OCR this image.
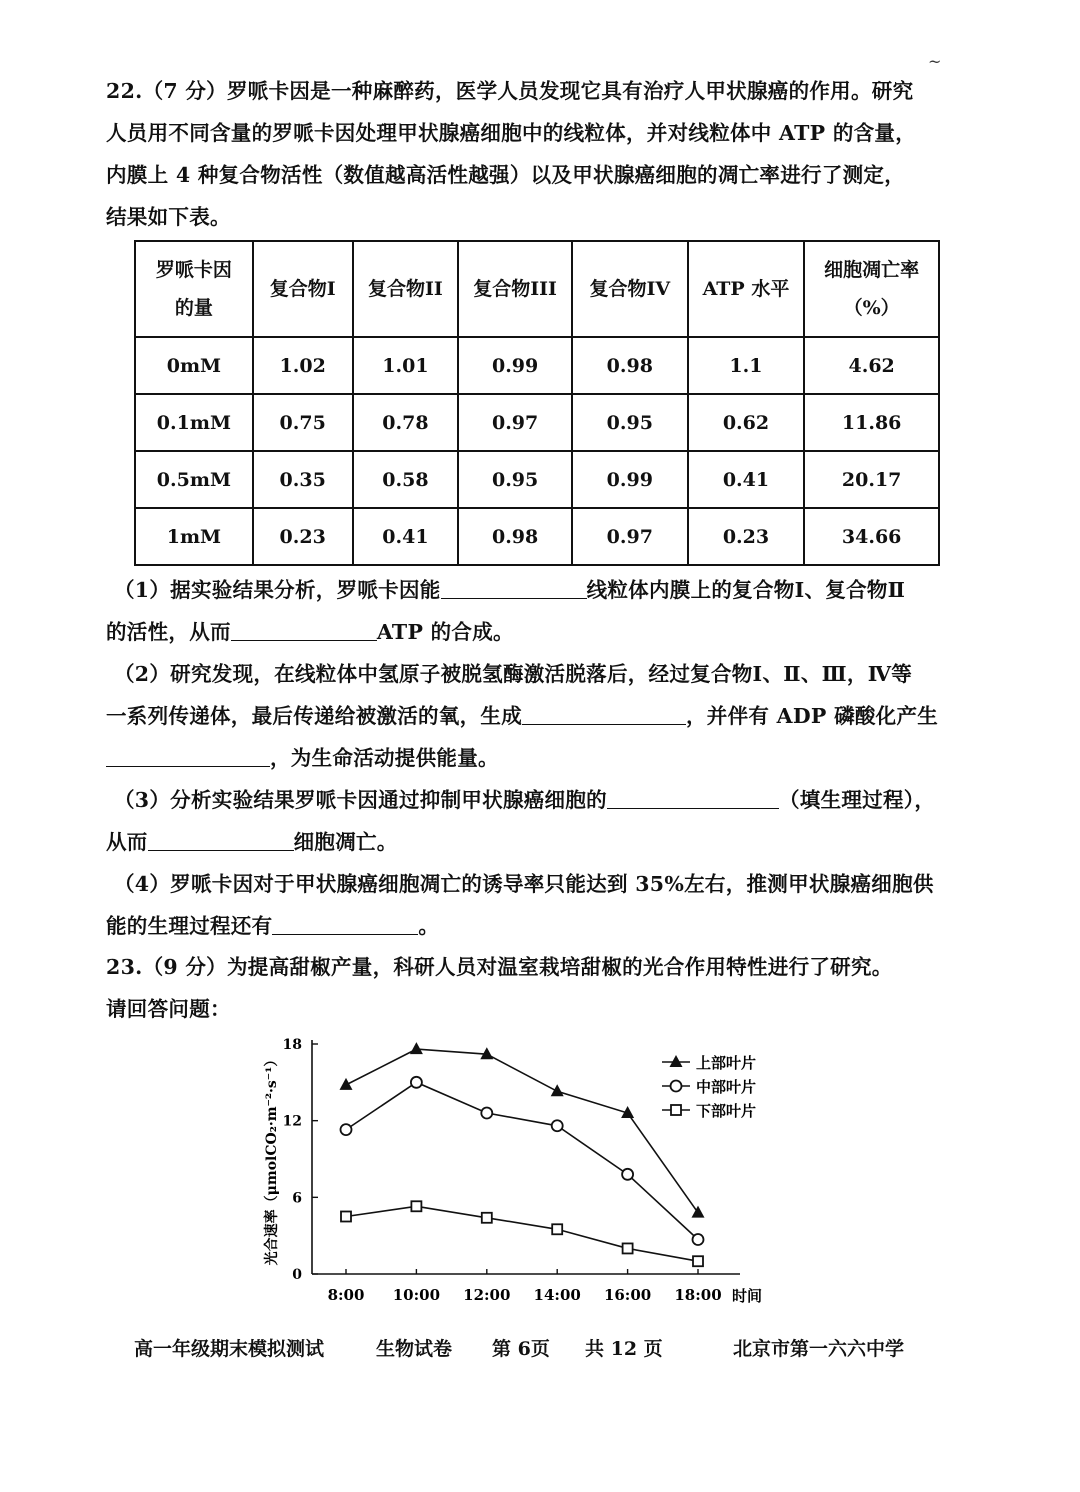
~

22.（7 分）罗哌卡因是一种麻醉药，医学人员发现它具有治疗人甲状腺癌的作用。研究

人员用不同含量的罗哌卡因处理甲状腺癌细胞中的线粒体，并对线粒体中 ATP 的含量，

内膜上 4 种复合物活性（数值越高活性越强）以及甲状腺癌细胞的凋亡率进行了测定，

结果如下表。

罗哌卡因
的量	复合物I	复合物II	复合物III	复合物IV	ATP 水平	细胞凋亡率
（%）
0mM	1.02	1.01	0.99	0.98	1.1	4.62
0.1mM	0.75	0.78	0.97	0.95	0.62	11.86
0.5mM	0.35	0.58	0.95	0.99	0.41	20.17
1mM	0.23	0.41	0.98	0.97	0.23	34.66

（1）据实验结果分析，罗哌卡因能	线粒体内膜上的复合物Ⅰ、复合物Ⅱ

的活性，从而	ATP 的合成。

（2）研究发现，在线粒体中氢原子被脱氢酶激活脱落后，经过复合物Ⅰ、Ⅱ、Ⅲ，Ⅳ等

一系列传递体，最后传递给被激活的氧，生成	，并伴有 ADP 磷酸化产生

，为生命活动提供能量。

（3）分析实验结果罗哌卡因通过抑制甲状腺癌细胞的	（填生理过程），

从而	细胞凋亡。

（4）罗哌卡因对于甲状腺癌细胞凋亡的诱导率只能达到 35%左右，推测甲状腺癌细胞供

能的生理过程还有	。

23.（9 分）为提高甜椒产量，科研人员对温室栽培甜椒的光合作用特性进行了研究。

请回答问题：

0
6
12
18
8:00 10:00 12:00 14:00 16:00 18:00 时间
光合速率（μmolCO₂·m⁻²·s⁻¹）	上部叶片
中部叶片
下部叶片
高一年级期末模拟测试	生物试卷 第 6页 共 12 页	北京市第一六六中学
